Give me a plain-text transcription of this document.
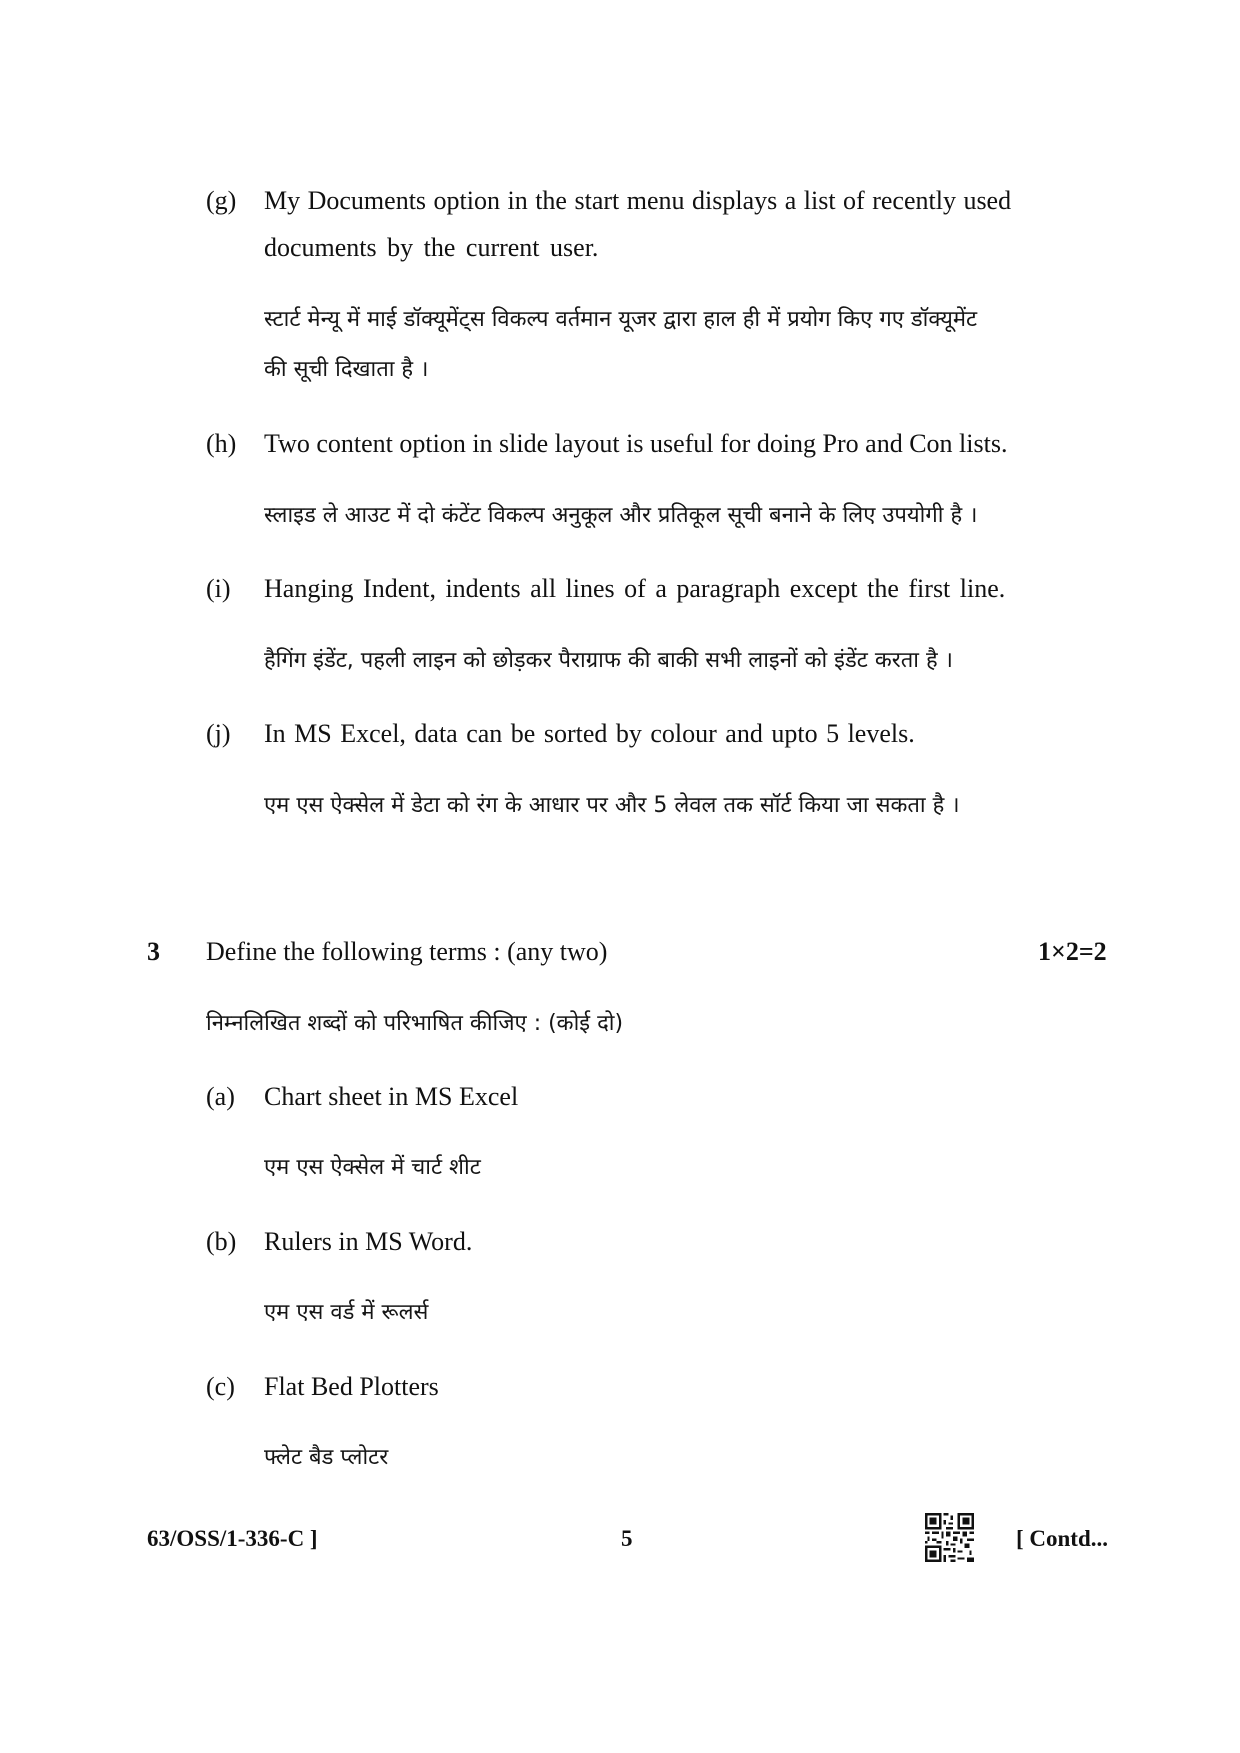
(g) My Documents option in the start menu displays a list of recently used
documents by the current user.
स्टार्ट मेन्यू में माई डॉक्यूमेंट्स विकल्प वर्तमान यूजर द्वारा हाल ही में प्रयोग किए गए डॉक्यूमेंट
की सूची दिखाता है ।
(h) Two content option in slide layout is useful for doing Pro and Con lists.
स्लाइड ले आउट में दो कंटेंट विकल्प अनुकूल और प्रतिकूल सूची बनाने के लिए उपयोगी है ।
(i) Hanging Indent, indents all lines of a paragraph except the first line.
हैगिंग इंडेंट, पहली लाइन को छोड़कर पैराग्राफ की बाकी सभी लाइनों को इंडेंट करता है ।
(j) In MS Excel, data can be sorted by colour and upto 5 levels.
एम एस ऐक्सेल में डेटा को रंग के आधार पर और 5 लेवल तक सॉर्ट किया जा सकता है ।
3 Define the following terms : (any two)	1×2=2
निम्नलिखित शब्दों को परिभाषित कीजिए : (कोई दो)
(a) Chart sheet in MS Excel
एम एस ऐक्सेल में चार्ट शीट
(b) Rulers in MS Word.
एम एस वर्ड में रूलर्स
(c) Flat Bed Plotters
फ्लेट बैड प्लोटर
63/OSS/1-336-C ]	5	[ Contd...
